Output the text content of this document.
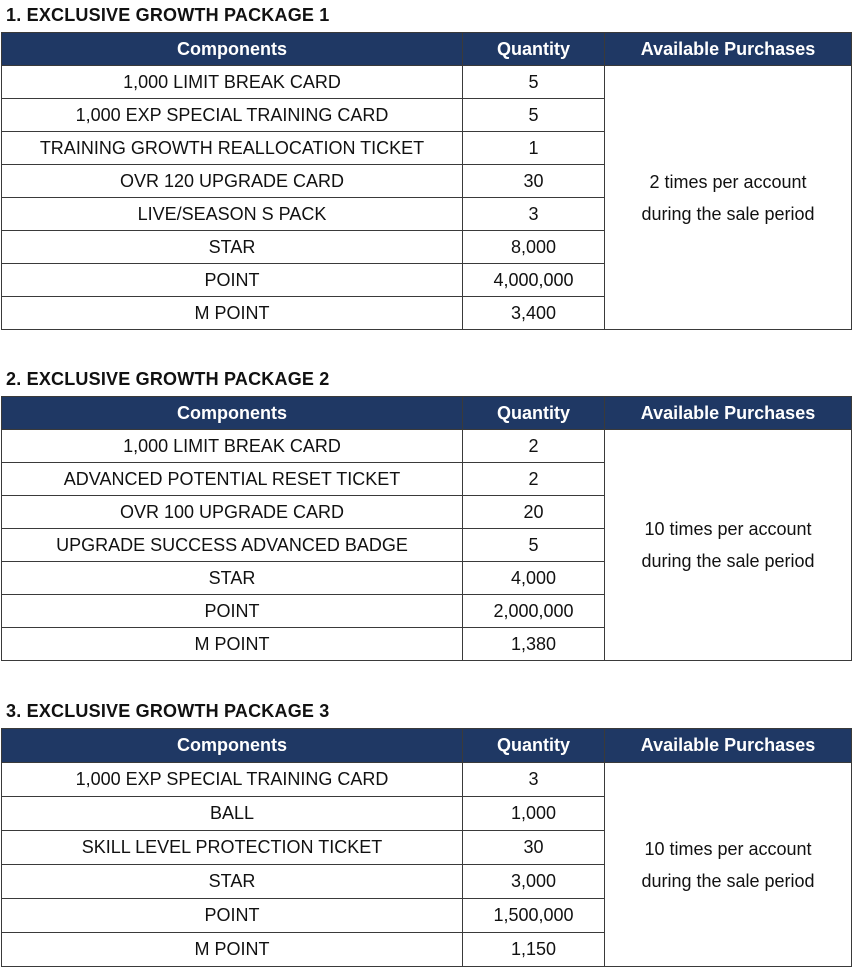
1. EXCLUSIVE GROWTH PACKAGE 1
Components	Quantity	Available Purchases
1,000 LIMIT BREAK CARD	5	2 times per account
during the sale period

1,000 EXP SPECIAL TRAINING CARD	5	
TRAINING GROWTH REALLOCATION TICKET	1	
OVR 120 UPGRADE CARD	30	
LIVE/SEASON S PACK	3	
STAR	8,000	
POINT	4,000,000	
M POINT	3,400	
2. EXCLUSIVE GROWTH PACKAGE 2
Components	Quantity	Available Purchases
1,000 LIMIT BREAK CARD	2	10 times per account
during the sale period

ADVANCED POTENTIAL RESET TICKET	2	
OVR 100 UPGRADE CARD	20	
UPGRADE SUCCESS ADVANCED BADGE	5	
STAR	4,000	
POINT	2,000,000	
M POINT	1,380	
3. EXCLUSIVE GROWTH PACKAGE 3
Components	Quantity	Available Purchases
1,000 EXP SPECIAL TRAINING CARD	3	10 times per account
during the sale period

BALL	1,000	
SKILL LEVEL PROTECTION TICKET	30	
STAR	3,000	
POINT	1,500,000	
M POINT	1,150	
